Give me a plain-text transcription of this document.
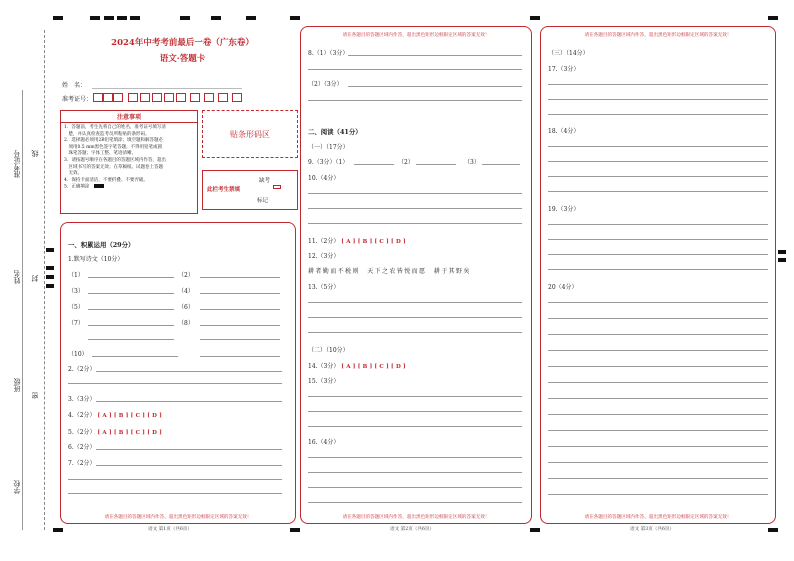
准考证号 线
姓名 封
班级
密
学校
2024年中考考前最后一卷（广东卷）
语文·答题卡
姓　名：
准考证号：
注意事项
1．答题前，考生先将自己的姓名，准考证号填写清
　楚，并认真检查监考员所粘贴的条形码。
2．选择题必须用2B铅笔填涂；填空题和解答题必
　须用0.5 mm黑色签字笔答题，不得用铅笔或圆
　珠笔答题；字体工整、笔迹清晰。
3．请按题号顺序在各题目的答题区域内作答，超出
　区域书写的答案无效；在草稿纸、试题卷上答题
　无效。
4．保持卡面清洁，不要折叠、不要弄破。
5．正确填涂
贴条形码区
此栏考生禁填
缺考
标记
一、积累运用（29分）
1.默写诗文（10分）
（1）	（2）
（3）	（4）
（5）	（6）
（7）	（8）
（10）
2.（2分）
3.（3分）
4.（2分） [ A ] [ B ] [ C ] [ D ]
5.（2分） [ A ] [ B ] [ C ] [ D ]
6.（2分）
7.（2分）
请在各题目的答题区域内作答，超出黑色矩形边框限定区域的答案无效！
语文 第1页（共6页）
请在各题目的答题区域内作答，超出黑色矩形边框限定区域的答案无效！
8.（1）（3分）
（2）（3分）
二、阅读（41分）
（一）（17分）
9.（3分）（1）	（2）	（3）
10.（4分）
11.（2分） [ A ] [ B ] [ C ] [ D ]
12.（3分）
耕者勤而不税则　天下之农皆悦而愿　耕于其野矣
13.（5分）
（二）（10分）
14.（3分） [ A ] [ B ] [ C ] [ D ]
15.（3分）
16.（4分）
请在各题目的答题区域内作答，超出黑色矩形边框限定区域的答案无效！
语文 第2页（共6页）
请在各题目的答题区域内作答，超出黑色矩形边框限定区域的答案无效！
（三）（14分）
17.（3分）
18.（4分）
19.（3分）
20（4分）
请在各题目的答题区域内作答，超出黑色矩形边框限定区域的答案无效！
语文 第3页（共6页）
